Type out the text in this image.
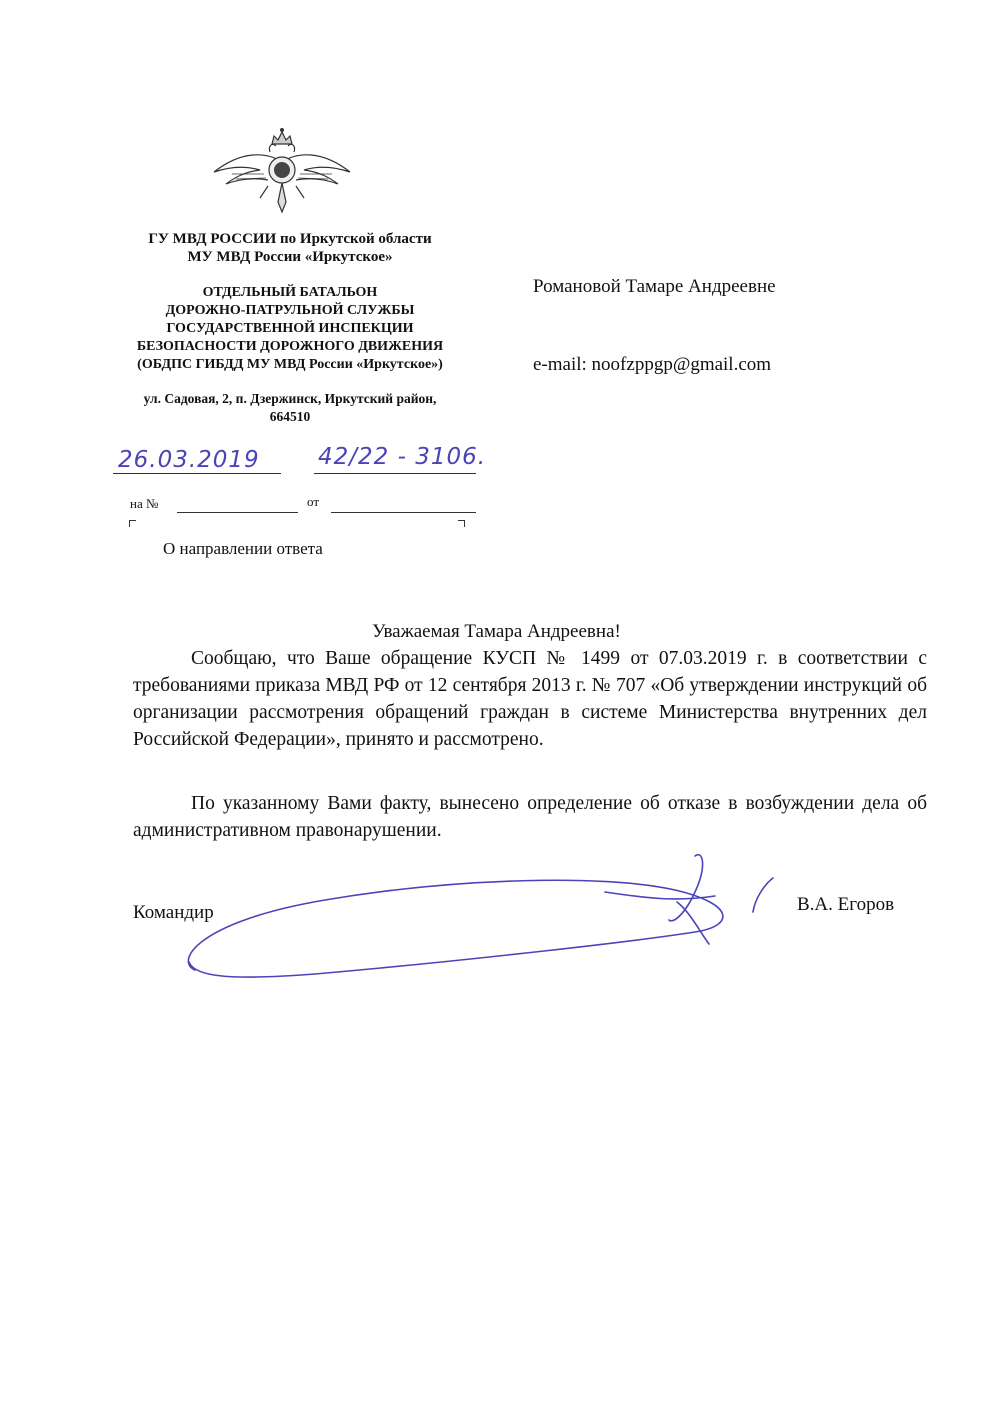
ГУ МВД РОССИИ по Иркутской области
МУ МВД России «Иркутское»
ОТДЕЛЬНЫЙ БАТАЛЬОН
ДОРОЖНО-ПАТРУЛЬНОЙ СЛУЖБЫ
ГОСУДАРСТВЕННОЙ ИНСПЕКЦИИ
БЕЗОПАСНОСТИ ДОРОЖНОГО ДВИЖЕНИЯ
(ОБДПС ГИБДД МУ МВД России «Иркутское»)
ул. Садовая, 2, п. Дзержинск, Иркутский район,
664510
26.03.2019	42/22 - 3106.
на №	от
Романовой Тамаре Андреевне
e-mail: noofzppgp@gmail.com
О направлении ответа
Уважаемая Тамара Андреевна!
Сообщаю, что Ваше обращение КУСП № 1499 от 07.03.2019 г. в соответствии с требованиями приказа МВД РФ от 12 сентября 2013 г. № 707 «Об утверждении инструкций об организации рассмотрения обращений граждан в системе Министерства внутренних дел Российской Федерации», принято и рассмотрено.
По указанному Вами факту, вынесено определение об отказе в возбуждении дела об административном правонарушении.
Командир	В.А. Егоров
